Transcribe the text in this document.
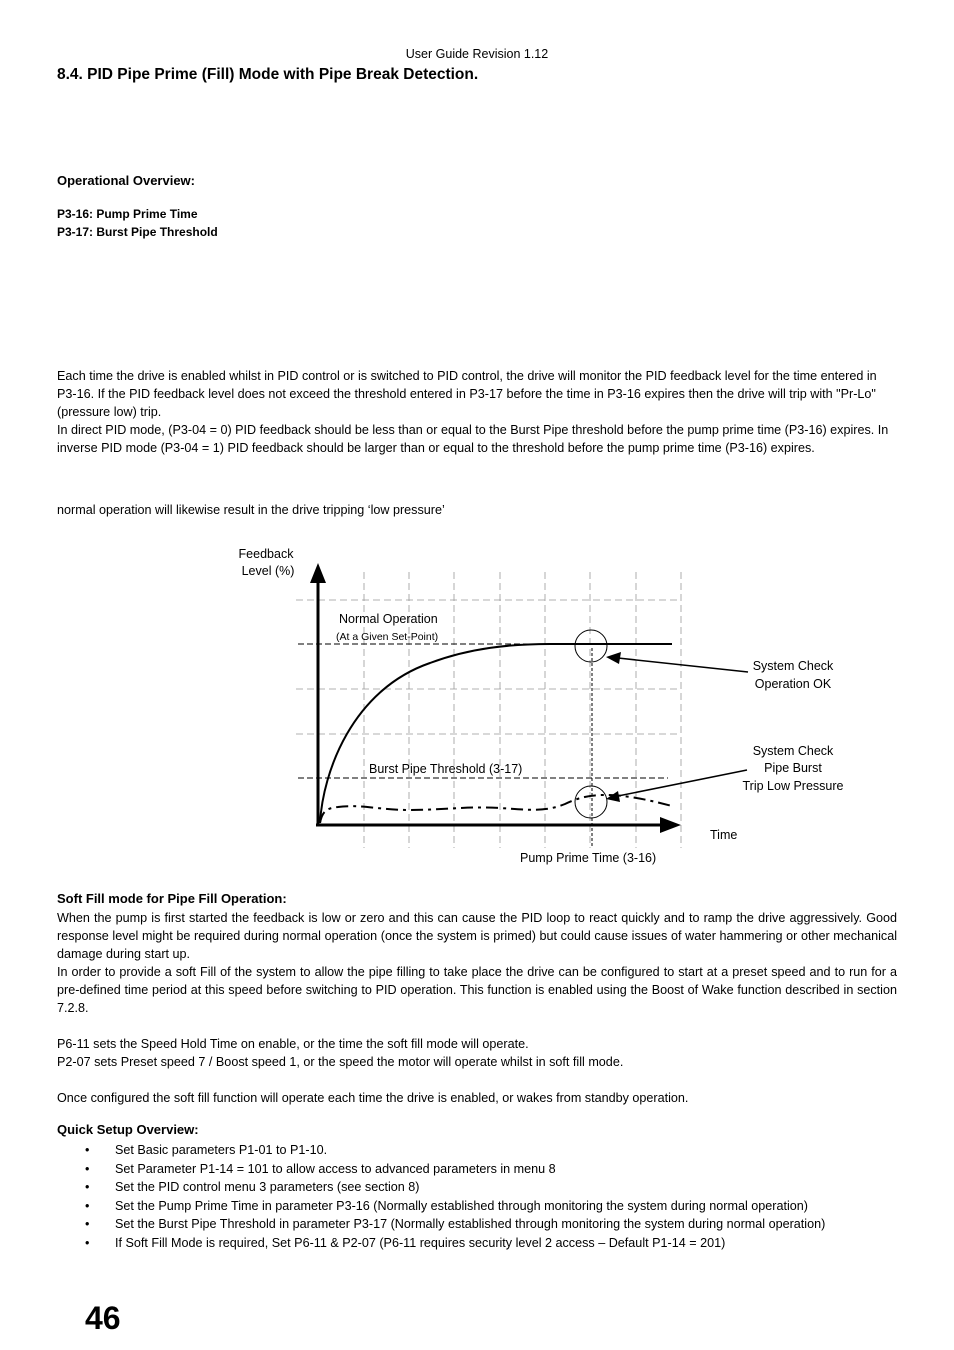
User Guide Revision 1.12
8.4. PID Pipe Prime (Fill) Mode with Pipe Break Detection.
Operational Overview:
P3-16: Pump Prime Time
P3-17: Burst Pipe Threshold

Each time the drive is enabled whilst in PID control or is switched to PID control, the drive will monitor the PID feedback level for the time entered in P3-16. If the PID feedback level does not exceed the threshold entered in P3-17 before the time in P3-16 expires then the drive will trip with "Pr-Lo" (pressure low) trip.

In direct PID mode, (P3-04 = 0) PID feedback should be less than or equal to the Burst Pipe threshold before the pump prime time (P3-16) expires. In inverse PID mode (P3-04 = 1) PID feedback should be larger than or equal to the threshold before the pump prime time (P3-16) expires.

normal operation will likewise result in the drive tripping ‘low pressure’
Feedback
Level (%)
Normal Operation
(At a Given Set-Point)
Burst Pipe Threshold (3-17)
Pump Prime Time (3-16)
Time
System Check
Operation OK
System Check
Pipe Burst
Trip Low Pressure
Soft Fill mode for Pipe Fill Operation:

When the pump is first started the feedback is low or zero and this can cause the PID loop to react quickly and to ramp the drive aggressively. Good response level might be required during normal operation (once the system is primed) but could cause issues of water hammering or other mechanical damage during start up.

In order to provide a soft Fill of the system to allow the pipe filling to take place the drive can be configured to start at a preset speed and to run for a pre-defined time period at this speed before switching to PID operation. This function is enabled using the Boost of Wake function described in section 7.2.8.

P6-11 sets the Speed Hold Time on enable, or the time the soft fill mode will operate.

P2-07 sets Preset speed 7 / Boost speed 1, or the speed the motor will operate whilst in soft fill mode.

Once configured the soft fill function will operate each time the drive is enabled, or wakes from standby operation.

Quick Setup Overview:
• Set Basic parameters P1-01 to P1-10.
• Set Parameter P1-14 = 101 to allow access to advanced parameters in menu 8
• Set the PID control menu 3 parameters (see section 8)
• Set the Pump Prime Time in parameter P3-16 (Normally established through monitoring the system during normal operation)
• Set the Burst Pipe Threshold in parameter P3-17 (Normally established through monitoring the system during normal operation)
• If Soft Fill Mode is required, Set P6-11 & P2-07 (P6-11 requires security level 2 access – Default P1-14 = 201)
46
